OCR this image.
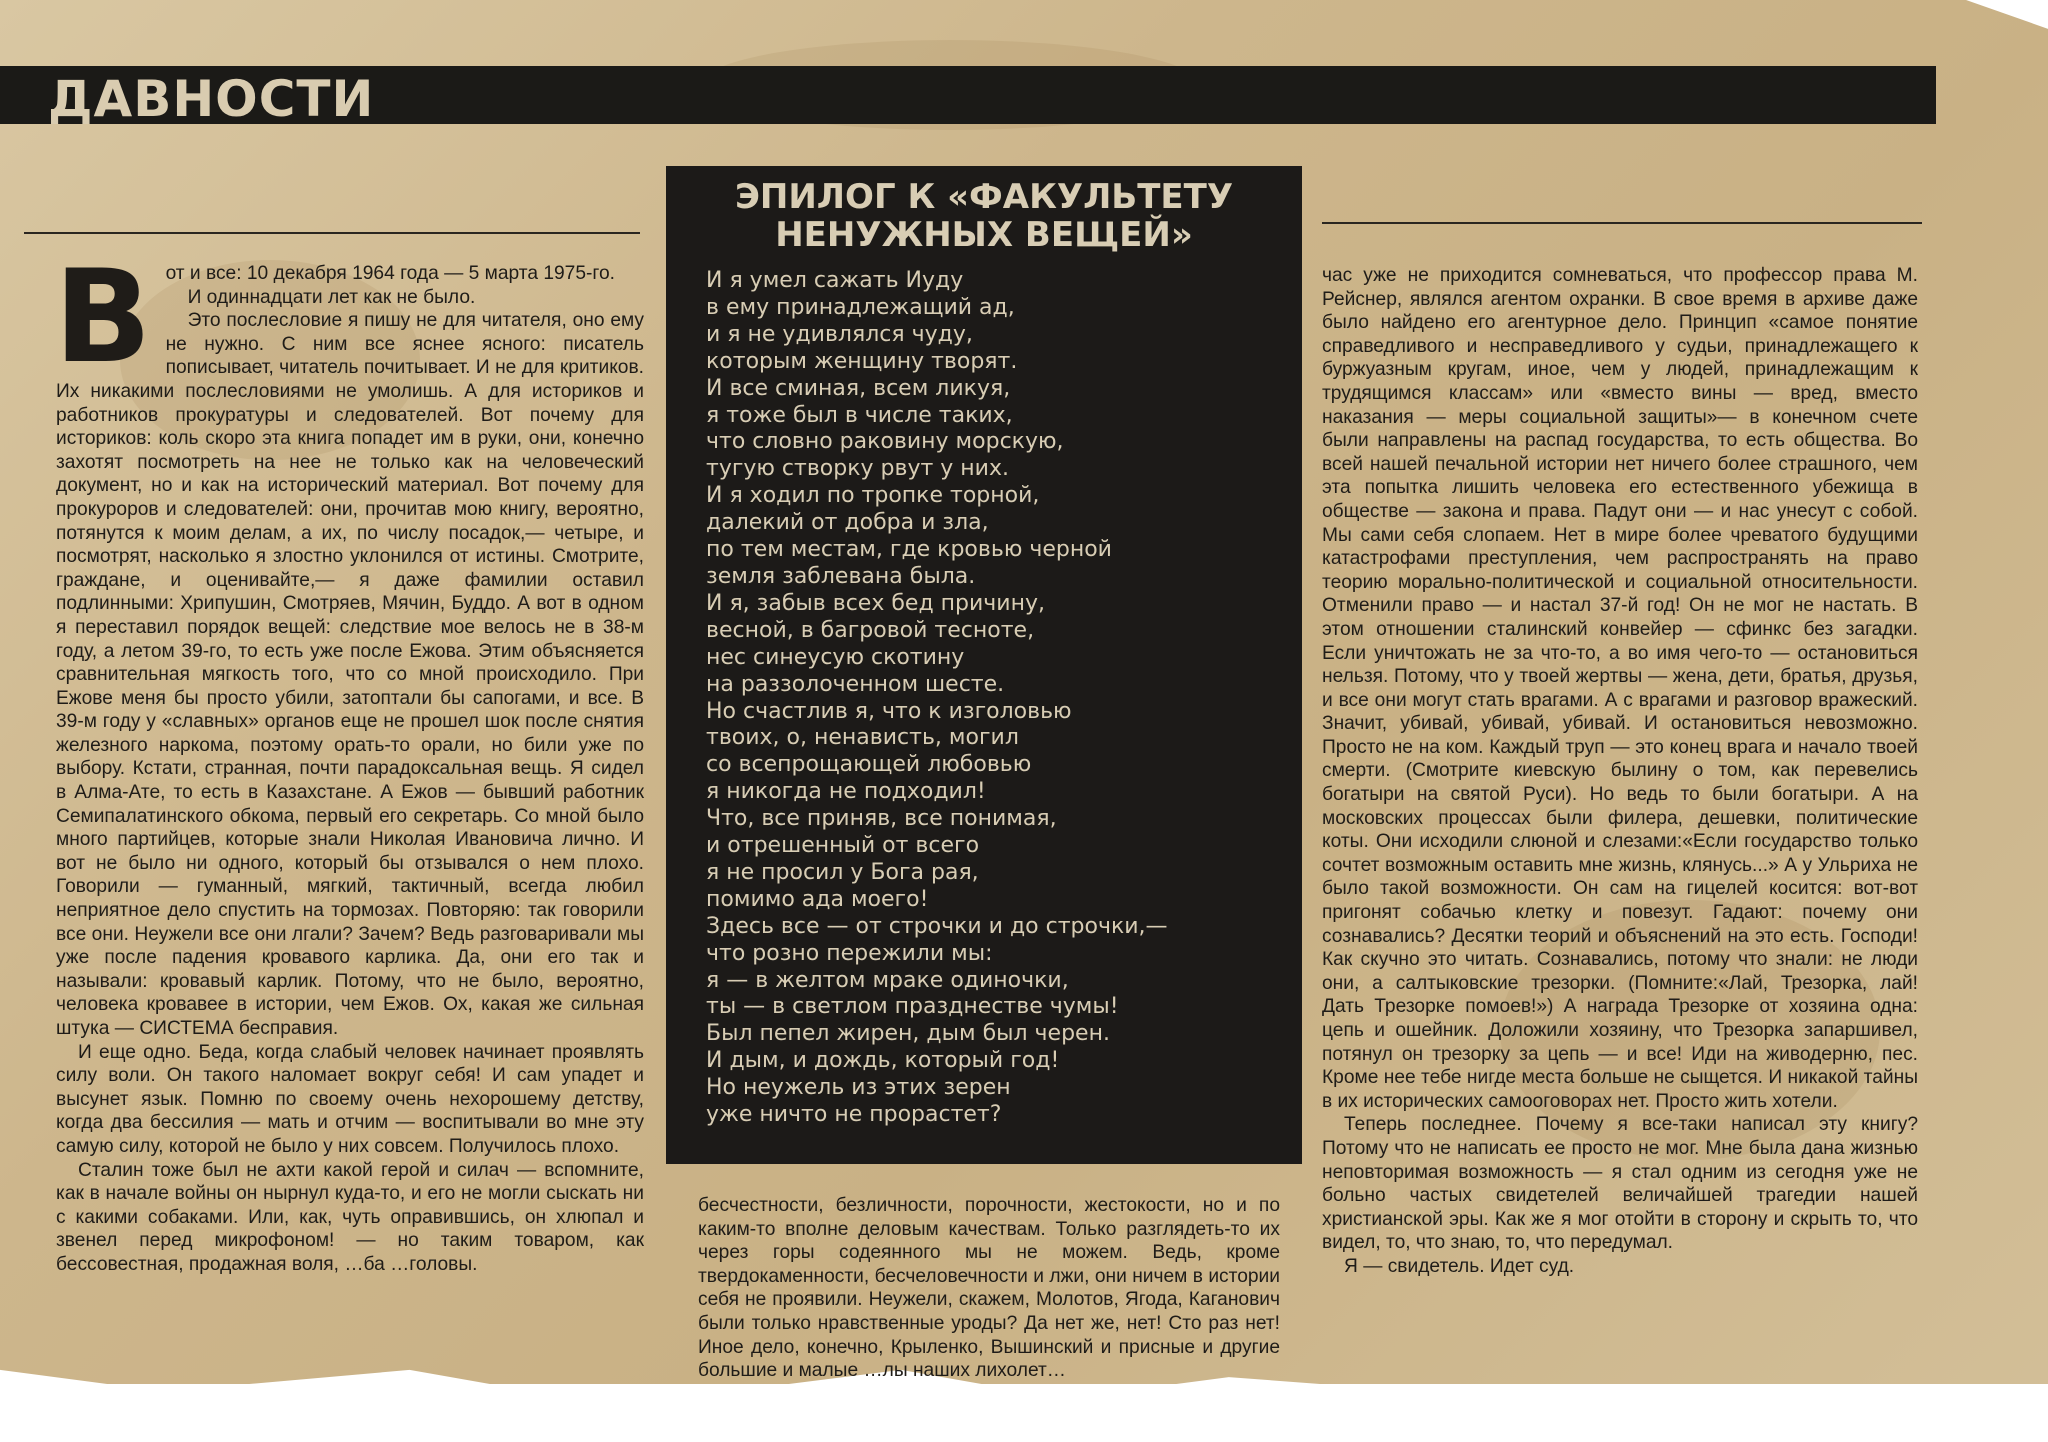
ДАВНОСТИ
В от и все: 10 декабря 1964 года — 5 марта 1975-го.

И одиннадцати лет как не было.

Это послесловие я пишу не для читателя, оно ему не нужно. С ним все яснее ясного: писатель пописывает, читатель почитывает. И не для критиков. Их никакими послесловиями не умолишь. А для историков и работников прокуратуры и следователей. Вот почему для историков: коль скоро эта книга попадет им в руки, они, конечно захотят посмотреть на нее не только как на человеческий документ, но и как на исторический материал. Вот почему для прокуроров и следователей: они, прочитав мою книгу, вероятно, потянутся к моим делам, а их, по числу посадок,— четыре, и посмотрят, насколько я злостно уклонился от истины. Смотрите, граждане, и оценивайте,— я даже фамилии оставил подлинными: Хрипушин, Смотряев, Мячин, Буддо. А вот в одном я переставил порядок вещей: следствие мое велось не в 38-м году, а летом 39-го, то есть уже после Ежова. Этим объясняется сравнительная мягкость того, что со мной происходило. При Ежове меня бы просто убили, затоптали бы сапогами, и все. В 39-м году у «славных» органов еще не прошел шок после снятия железного наркома, поэтому орать-то орали, но били уже по выбору. Кстати, странная, почти парадоксальная вещь. Я сидел в Алма-Ате, то есть в Казахстане. А Ежов — бывший работник Семипалатинского обкома, первый его секретарь. Со мной было много партийцев, которые знали Николая Ивановича лично. И вот не было ни одного, который бы отзывался о нем плохо. Говорили — гуманный, мягкий, тактичный, всегда любил неприятное дело спустить на тормозах. Повторяю: так говорили все они. Неужели все они лгали? Зачем? Ведь разговаривали мы уже после падения кровавого карлика. Да, они его так и называли: кровавый карлик. Потому, что не было, вероятно, человека кровавее в истории, чем Ежов. Ох, какая же сильная штука — СИСТЕМА бесправия.

И еще одно. Беда, когда слабый человек начинает проявлять силу воли. Он такого наломает вокруг себя! И сам упадет и высунет язык. Помню по своему очень нехорошему детству, когда два бессилия — мать и отчим — воспитывали во мне эту самую силу, которой не было у них совсем. Получилось плохо.

Сталин тоже был не ахти какой герой и силач — вспомните, как в начале войны он нырнул куда-то, и его не могли сыскать ни с какими собаками. Или, как, чуть оправившись, он хлюпал и звенел перед микрофоном! — но таким товаром, как бессовестная, продажная воля, …ба …головы.

ЭПИЛОГ К «ФАКУЛЬТЕТУ
НЕНУЖНЫХ ВЕЩЕЙ»
И я умел сажать Иуду
в ему принадлежащий ад,
и я не удивлялся чуду,
которым женщину творят.
И все сминая, всем ликуя,
я тоже был в числе таких,
что словно раковину морскую,
тугую створку рвут у них.
И я ходил по тропке торной,
далекий от добра и зла,
по тем местам, где кровью черной
земля заблевана была.
И я, забыв всех бед причину,
весной, в багровой тесноте,
нес синеусую скотину
на раззолоченном шесте.
Но счастлив я, что к изголовью
твоих, о, ненависть, могил
со всепрощающей любовью
я никогда не подходил!
Что, все приняв, все понимая,
и отрешенный от всего
я не просил у Бога рая,
помимо ада моего!
Здесь все — от строчки и до строчки,—
что розно пережили мы:
я — в желтом мраке одиночки,
ты — в светлом празднестве чумы!
Был пепел жирен, дым был черен.
И дым, и дождь, который год!
Но неужель из этих зерен
уже ничто не прорастет?

бесчестности, безличности, порочности, жестокости, но и по каким-то вполне деловым качествам. Только разглядеть-то их через горы содеянного мы не можем. Ведь, кроме твердокаменности, бесчеловечности и лжи, они ничем в истории себя не проявили. Неужели, скажем, Молотов, Ягода, Каганович были только нравственные уроды? Да нет же, нет! Сто раз нет! Иное дело, конечно, Крыленко, Вышинский и присные и другие большие и малые …лы наших лихолет…

час уже не приходится сомневаться, что профессор права М. Рейснер, являлся агентом охранки. В свое время в архиве даже было найдено его агентурное дело. Принцип «самое понятие справедливого и несправедливого у судьи, принадлежащего к буржуазным кругам, иное, чем у людей, принадлежащим к трудящимся классам» или «вместо вины — вред, вместо наказания — меры социальной защиты»— в конечном счете были направлены на распад государства, то есть общества. Во всей нашей печальной истории нет ничего более страшного, чем эта попытка лишить человека его естественного убежища в обществе — закона и права. Падут они — и нас унесут с собой. Мы сами себя слопаем. Нет в мире более чреватого будущими катастрофами преступления, чем распространять на право теорию морально-политической и социальной относительности. Отменили право — и настал 37-й год! Он не мог не настать. В этом отношении сталинский конвейер — сфинкс без загадки. Если уничтожать не за что-то, а во имя чего-то — остановиться нельзя. Потому, что у твоей жертвы — жена, дети, братья, друзья, и все они могут стать врагами. А с врагами и разговор вражеский. Значит, убивай, убивай, убивай. И остановиться невозможно. Просто не на ком. Каждый труп — это конец врага и начало твоей смерти. (Смотрите киевскую былину о том, как перевелись богатыри на святой Руси). Но ведь то были богатыри. А на московских процессах были филера, дешевки, политические коты. Они исходили слюной и слезами:«Если государство только сочтет возможным оставить мне жизнь, клянусь...» А у Ульриха не было такой возможности. Он сам на гицелей косится: вот-вот пригонят собачью клетку и повезут. Гадают: почему они сознавались? Десятки теорий и объяснений на это есть. Господи! Как скучно это читать. Сознавались, потому что знали: не люди они, а салтыковские трезорки. (Помните:«Лай, Трезорка, лай! Дать Трезорке помоев!») А награда Трезорке от хозяина одна: цепь и ошейник. Доложили хозяину, что Трезорка запаршивел, потянул он трезорку за цепь — и все! Иди на живодерню, пес. Кроме нее тебе нигде места больше не сыщется. И никакой тайны в их исторических самооговорах нет. Просто жить хотели.

Теперь последнее. Почему я все-таки написал эту книгу? Потому что не написать ее просто не мог. Мне была дана жизнью неповторимая возможность — я стал одним из сегодня уже не больно частых свидетелей величайшей трагедии нашей христианской эры. Как же я мог отойти в сторону и скрыть то, что видел, то, что знаю, то, что передумал.

Я — свидетель. Идет суд.
